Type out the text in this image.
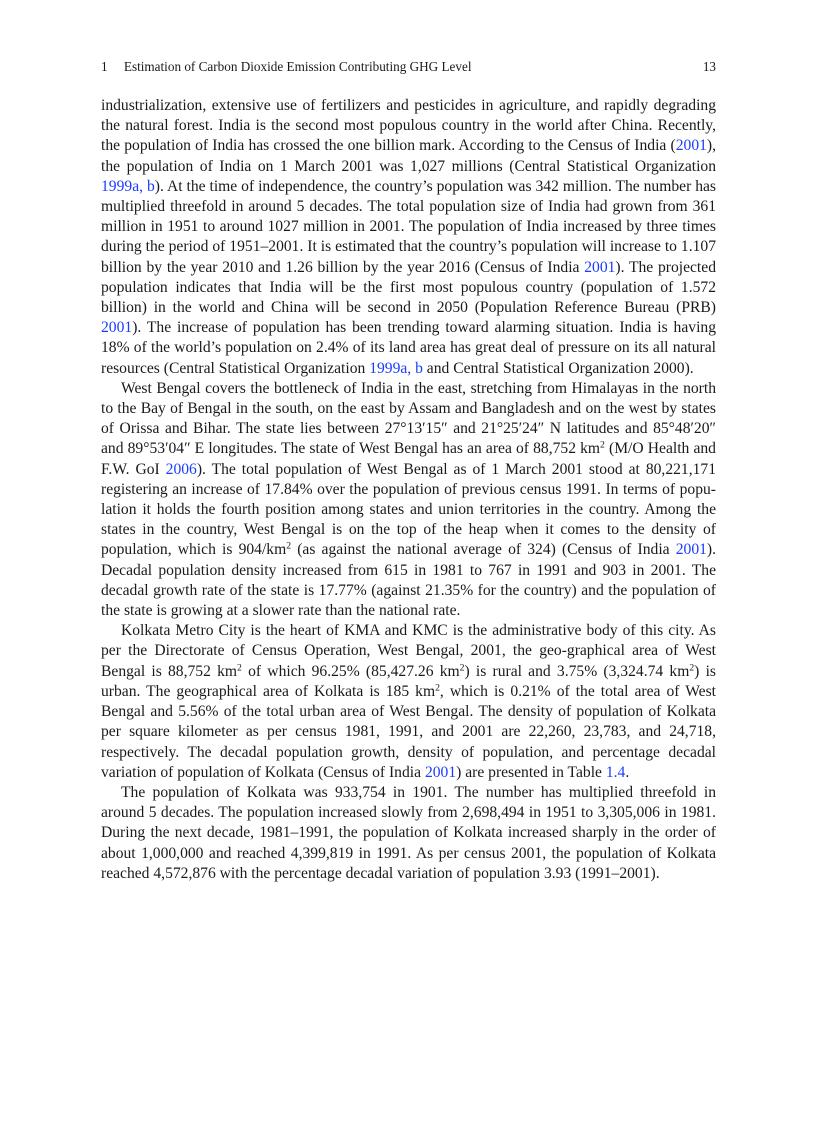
1 Estimation of Carbon Dioxide Emission Contributing GHG Level	13

industrialization, extensive use of fertilizers and pesticides in agriculture, and rapidly degrading the natural forest. India is the second most populous country in the world after China. Recently, the population of India has crossed the one billion mark. According to the Census of India (2001), the population of India on 1 March 2001 was 1,027 millions (Central Statistical Organization 1999a, b). At the time of independence, the country’s population was 342 million. The number has multiplied threefold in around 5 decades. The total population size of India had grown from 361 million in 1951 to around 1027 million in 2001. The population of India increased by three times during the period of 1951–2001. It is estimated that the country’s population will increase to 1.107 billion by the year 2010 and 1.26 billion by the year 2016 (Census of India 2001). The projected population indicates that India will be the first most populous country (population of 1.572 billion) in the world and China will be second in 2050 (Population Reference Bureau (PRB) 2001). The increase of population has been trending toward alarming situation. India is having 18% of the world’s population on 2.4% of its land area has great deal of pressure on its all natural resources (Central Statistical Organization 1999a, b and Central Statistical Organization 2000).

West Bengal covers the bottleneck of India in the east, stretching from Himalayas in the north to the Bay of Bengal in the south, on the east by Assam and Bangladesh and on the west by states of Orissa and Bihar. The state lies between 27°13′15″ and 21°25′24″ N latitudes and 85°48′20″ and 89°53′04″ E longitudes. The state of West Bengal has an area of 88,752 $km^2$ (M/O Health and F.W. GoI 2006). The total population of West Bengal as of 1 March 2001 stood at 80,221,171 registering an increase of 17.84% over the population of previous census 1991. In terms of popu-lation it holds the fourth position among states and union territories in the country. Among the states in the country, West Bengal is on the top of the heap when it comes to the density of population, which is $904/km^2$ (as against the national average of 324) (Census of India 2001). Decadal population density increased from 615 in 1981 to 767 in 1991 and 903 in 2001. The decadal growth rate of the state is 17.77% (against 21.35% for the country) and the population of the state is growing at a slower rate than the national rate.

Kolkata Metro City is the heart of KMA and KMC is the administrative body of this city. As per the Directorate of Census Operation, West Bengal, 2001, the geo-graphical area of West Bengal is 88,752 $km^2$ of which 96.25% (85,427.26 $km^2$) is rural and 3.75% (3,324.74 $km^2$) is urban. The geographical area of Kolkata is 185 $km^2$, which is 0.21% of the total area of West Bengal and 5.56% of the total urban area of West Bengal. The density of population of Kolkata per square kilometer as per census 1981, 1991, and 2001 are 22,260, 23,783, and 24,718, respectively. The decadal population growth, density of population, and percentage decadal variation of population of Kolkata (Census of India 2001) are presented in Table 1.4.

The population of Kolkata was 933,754 in 1901. The number has multiplied threefold in around 5 decades. The population increased slowly from 2,698,494 in 1951 to 3,305,006 in 1981. During the next decade, 1981–1991, the population of Kolkata increased sharply in the order of about 1,000,000 and reached 4,399,819 in 1991. As per census 2001, the population of Kolkata reached 4,572,876 with the percentage decadal variation of population 3.93 (1991–2001).
